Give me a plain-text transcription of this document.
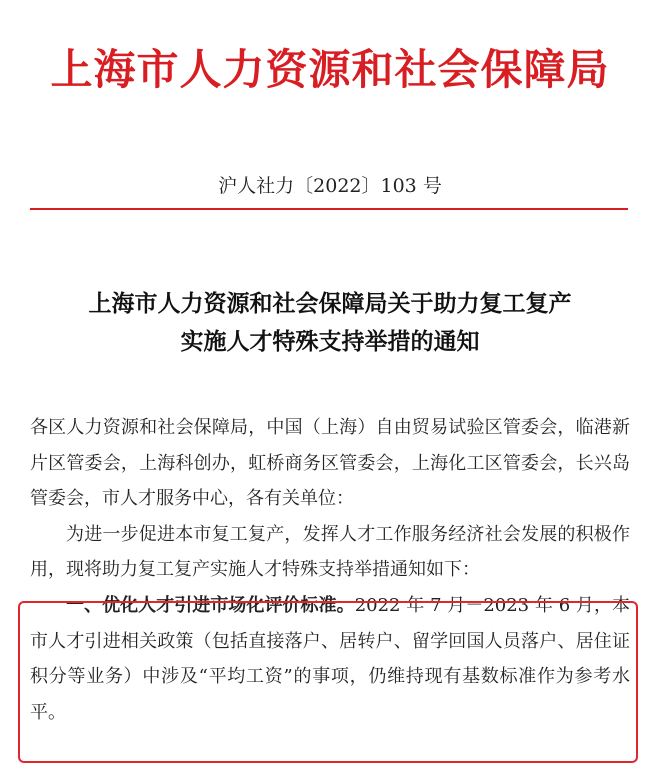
上海市人力资源和社会保障局
沪人社力〔2022〕103 号
上海市人力资源和社会保障局关于助力复工复产
实施人才特殊支持举措的通知

各区人力资源和社会保障局，中国（上海）自由贸易试验区管委会，临港新片区管委会，上海科创办，虹桥商务区管委会，上海化工区管委会，长兴岛管委会，市人才服务中心，各有关单位：

为进一步促进本市复工复产，发挥人才工作服务经济社会发展的积极作用，现将助力复工复产实施人才特殊支持举措通知如下：

一、优化人才引进市场化评价标准。2022 年 7 月－2023 年 6 月，本市人才引进相关政策（包括直接落户、居转户、留学回国人员落户、居住证积分等业务）中涉及“平均工资”的事项，仍维持现有基数标准作为参考水平。
